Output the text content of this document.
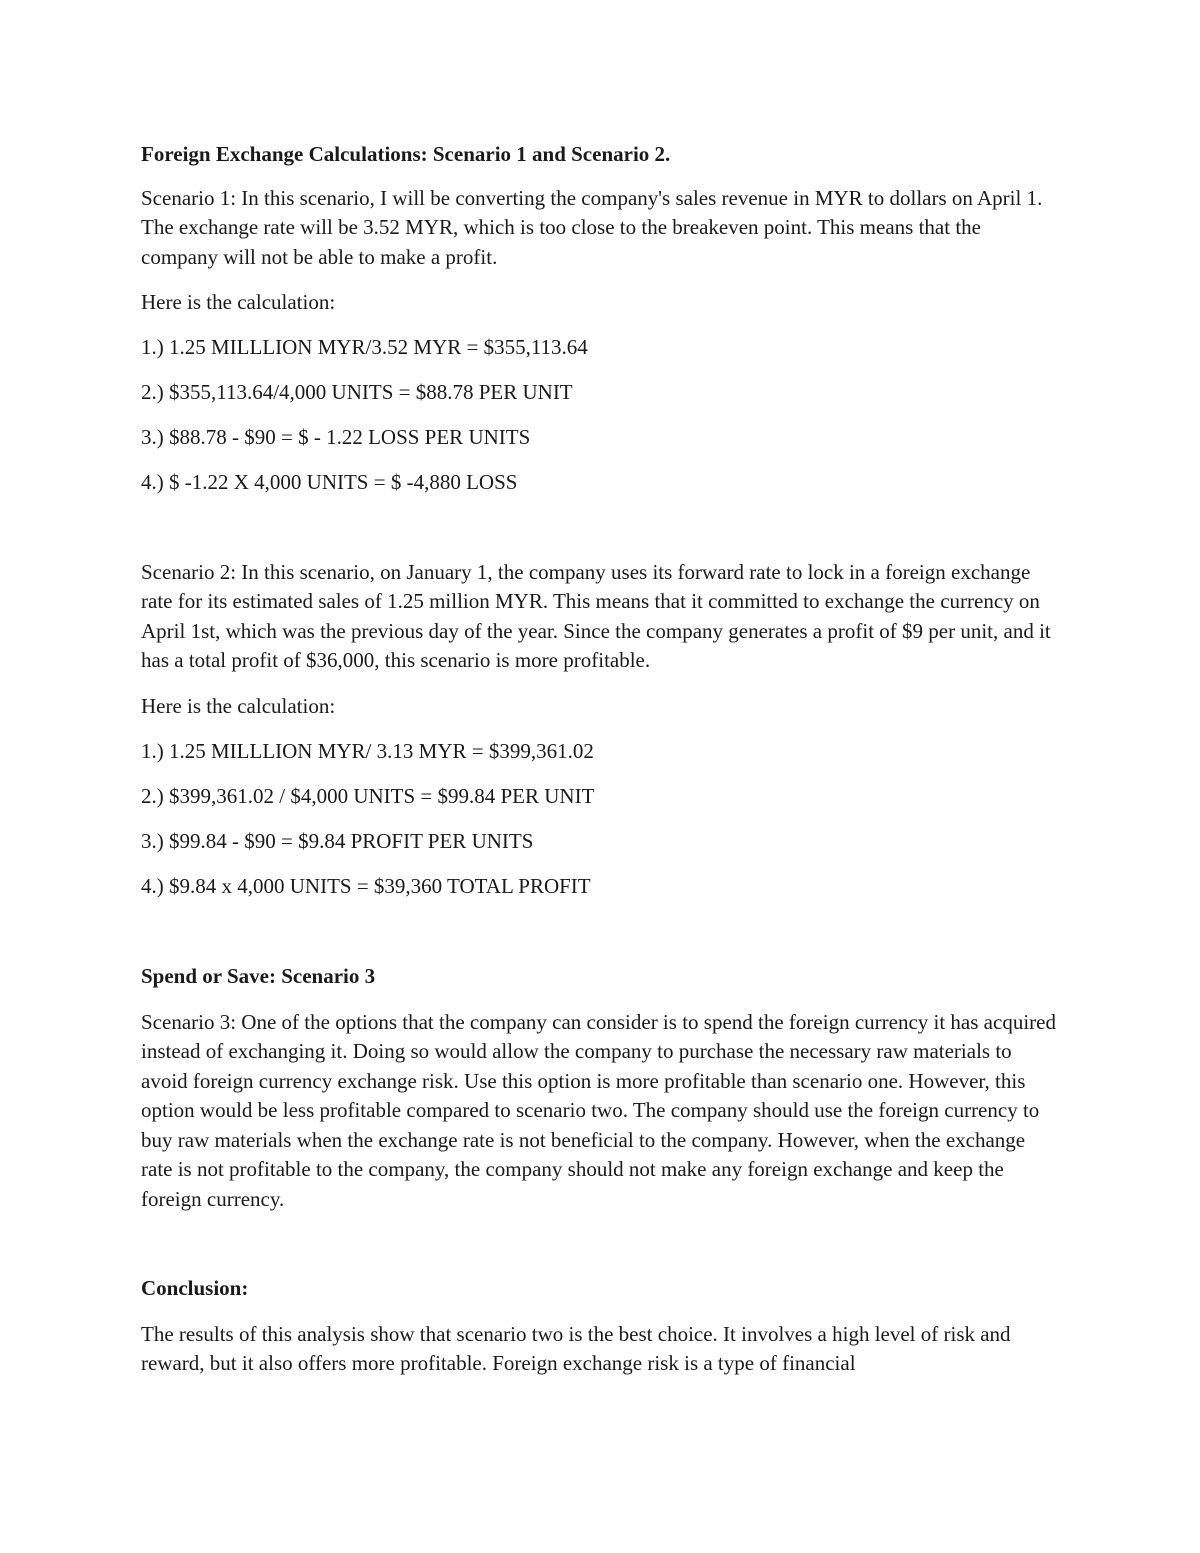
Foreign Exchange Calculations: Scenario 1 and Scenario 2.

Scenario 1: In this scenario, I will be converting the company's sales revenue in MYR to dollars on April 1. The exchange rate will be 3.52 MYR, which is too close to the breakeven point. This means that the company will not be able to make a profit.

Here is the calculation:

1.) 1.25 MILLLION MYR/3.52 MYR = $355,113.64

2.) $355,113.64/4,000 UNITS = $88.78 PER UNIT

3.) $88.78 - $90 = $ - 1.22 LOSS PER UNITS

4.) $ -1.22 X 4,000 UNITS = $ -4,880 LOSS

Scenario 2: In this scenario, on January 1, the company uses its forward rate to lock in a foreign exchange rate for its estimated sales of 1.25 million MYR. This means that it committed to exchange the currency on April 1st, which was the previous day of the year. Since the company generates a profit of $9 per unit, and it has a total profit of $36,000, this scenario is more profitable.

Here is the calculation:

1.) 1.25 MILLLION MYR/ 3.13 MYR = $399,361.02

2.) $399,361.02 / $4,000 UNITS = $99.84 PER UNIT

3.) $99.84 - $90 = $9.84 PROFIT PER UNITS

4.) $9.84 x 4,000 UNITS = $39,360 TOTAL PROFIT

Spend or Save: Scenario 3

Scenario 3: One of the options that the company can consider is to spend the foreign currency it has acquired instead of exchanging it. Doing so would allow the company to purchase the necessary raw materials to avoid foreign currency exchange risk. Use this option is more profitable than scenario one. However, this option would be less profitable compared to scenario two. The company should use the foreign currency to buy raw materials when the exchange rate is not beneficial to the company. However, when the exchange rate is not profitable to the company, the company should not make any foreign exchange and keep the foreign currency.

Conclusion:

The results of this analysis show that scenario two is the best choice. It involves a high level of risk and reward, but it also offers more profitable. Foreign exchange risk is a type of financial
